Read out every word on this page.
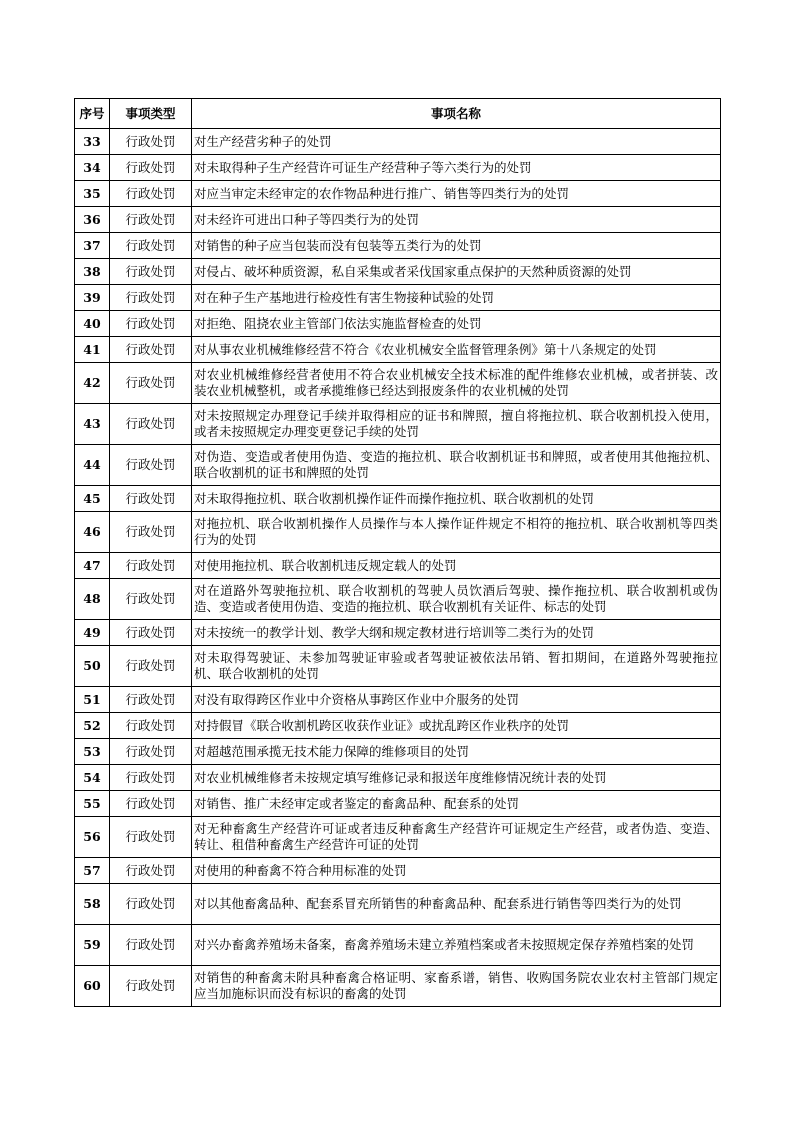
序号	事项类型	事项名称
33	行政处罚	对生产经营劣种子的处罚
34	行政处罚	对未取得种子生产经营许可证生产经营种子等六类行为的处罚
35	行政处罚	对应当审定未经审定的农作物品种进行推广、销售等四类行为的处罚
36	行政处罚	对未经许可进出口种子等四类行为的处罚
37	行政处罚	对销售的种子应当包装而没有包装等五类行为的处罚
38	行政处罚	对侵占、破坏种质资源，私自采集或者采伐国家重点保护的天然种质资源的处罚
39	行政处罚	对在种子生产基地进行检疫性有害生物接种试验的处罚
40	行政处罚	对拒绝、阻挠农业主管部门依法实施监督检查的处罚
41	行政处罚	对从事农业机械维修经营不符合《农业机械安全监督管理条例》第十八条规定的处罚
42	行政处罚	对农业机械维修经营者使用不符合农业机械安全技术标准的配件维修农业机械，或者拼装、改装农业机械整机，或者承揽维修已经达到报废条件的农业机械的处罚
43	行政处罚	对未按照规定办理登记手续并取得相应的证书和牌照，擅自将拖拉机、联合收割机投入使用，或者未按照规定办理变更登记手续的处罚
44	行政处罚	对伪造、变造或者使用伪造、变造的拖拉机、联合收割机证书和牌照，或者使用其他拖拉机、联合收割机的证书和牌照的处罚
45	行政处罚	对未取得拖拉机、联合收割机操作证件而操作拖拉机、联合收割机的处罚
46	行政处罚	对拖拉机、联合收割机操作人员操作与本人操作证件规定不相符的拖拉机、联合收割机等四类行为的处罚
47	行政处罚	对使用拖拉机、联合收割机违反规定载人的处罚
48	行政处罚	对在道路外驾驶拖拉机、联合收割机的驾驶人员饮酒后驾驶、操作拖拉机、联合收割机或伪造、变造或者使用伪造、变造的拖拉机、联合收割机有关证件、标志的处罚
49	行政处罚	对未按统一的教学计划、教学大纲和规定教材进行培训等二类行为的处罚
50	行政处罚	对未取得驾驶证、未参加驾驶证审验或者驾驶证被依法吊销、暂扣期间，在道路外驾驶拖拉机、联合收割机的处罚
51	行政处罚	对没有取得跨区作业中介资格从事跨区作业中介服务的处罚
52	行政处罚	对持假冒《联合收割机跨区收获作业证》或扰乱跨区作业秩序的处罚
53	行政处罚	对超越范围承揽无技术能力保障的维修项目的处罚
54	行政处罚	对农业机械维修者未按规定填写维修记录和报送年度维修情况统计表的处罚
55	行政处罚	对销售、推广未经审定或者鉴定的畜禽品种、配套系的处罚
56	行政处罚	对无种畜禽生产经营许可证或者违反种畜禽生产经营许可证规定生产经营，或者伪造、变造、转让、租借种畜禽生产经营许可证的处罚
57	行政处罚	对使用的种畜禽不符合种用标准的处罚
58	行政处罚	对以其他畜禽品种、配套系冒充所销售的种畜禽品种、配套系进行销售等四类行为的处罚
59	行政处罚	对兴办畜禽养殖场未备案，畜禽养殖场未建立养殖档案或者未按照规定保存养殖档案的处罚
60	行政处罚	对销售的种畜禽未附具种畜禽合格证明、家畜系谱，销售、收购国务院农业农村主管部门规定应当加施标识而没有标识的畜禽的处罚
